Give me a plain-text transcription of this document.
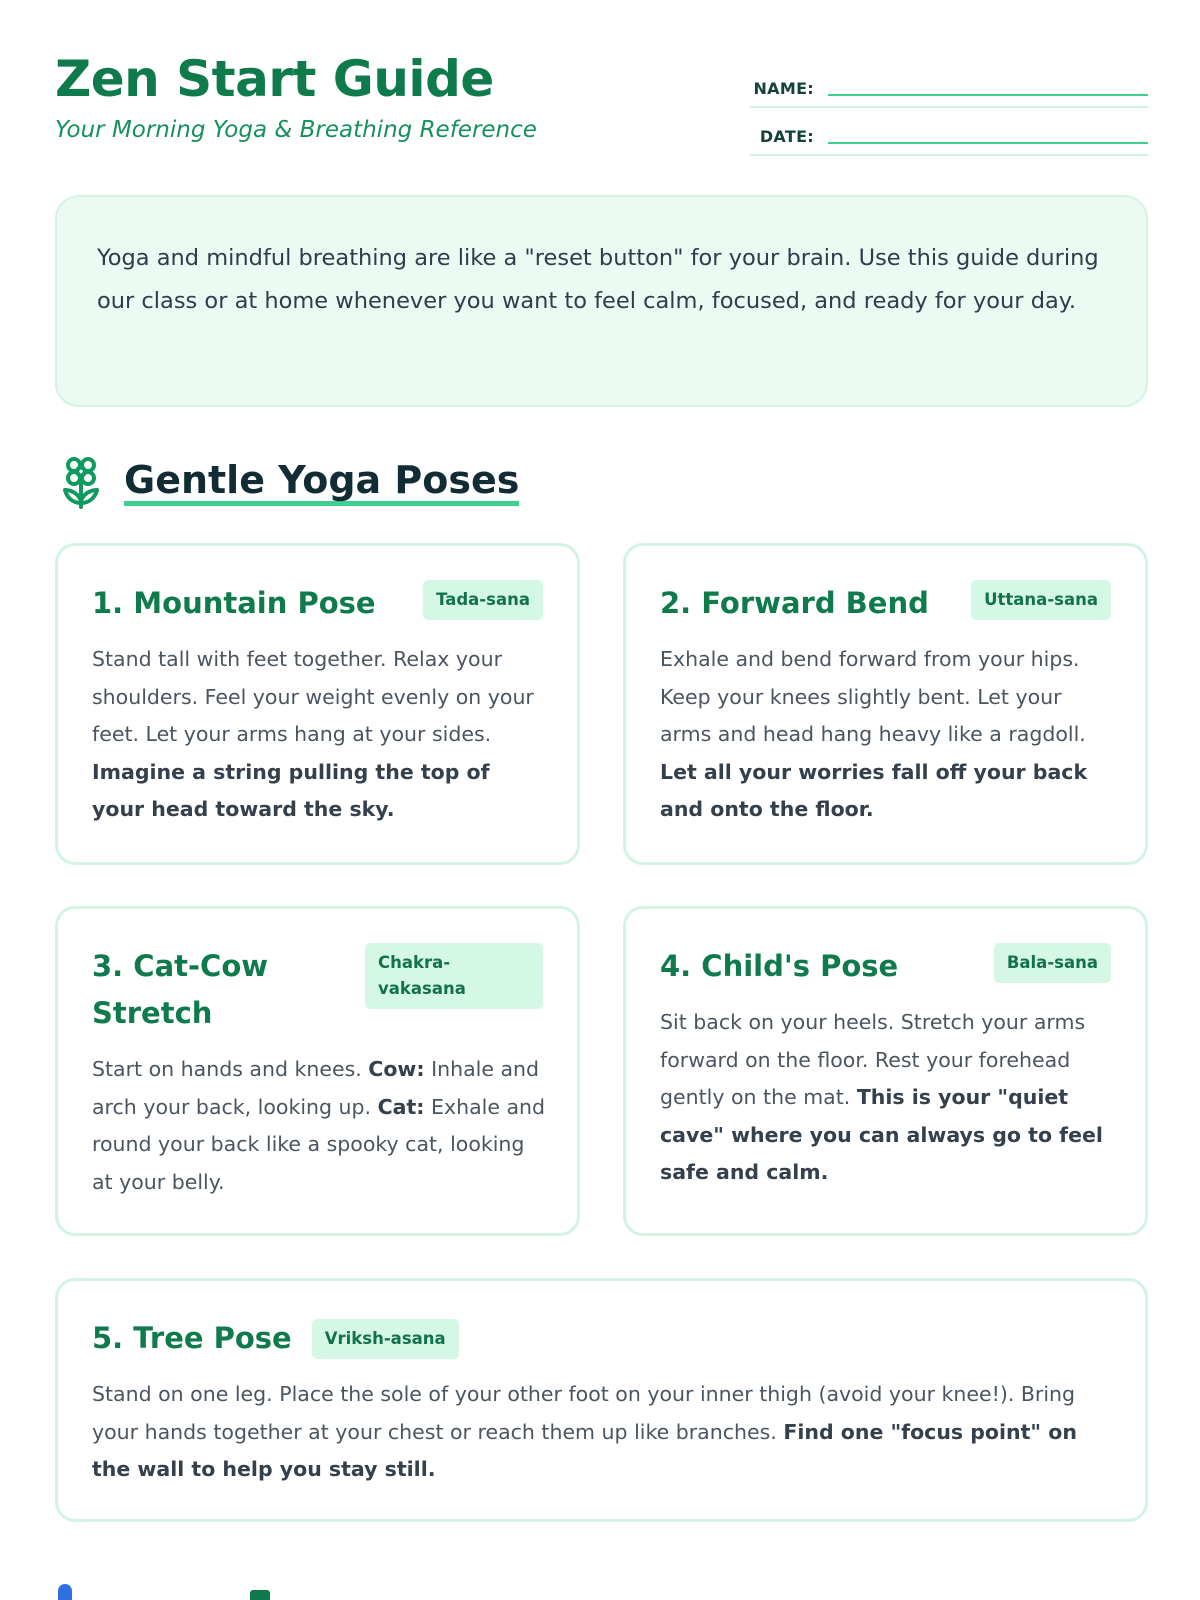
Zen Start Guide
Your Morning Yoga & Breathing Reference
NAME:
DATE:

Yoga and mindful breathing are like a "reset button" for your brain. Use this guide during our class or at home whenever you want to feel calm, focused, and ready for your day.

Gentle Yoga Poses
1. Mountain Pose	Tada-sana

Stand tall with feet together. Relax your shoulders. Feel your weight evenly on your feet. Let your arms hang at your sides. Imagine a string pulling the top of your head toward the sky.

2. Forward Bend	Uttana-sana

Exhale and bend forward from your hips. Keep your knees slightly bent. Let your arms and head hang heavy like a ragdoll. Let all your worries fall off your back and onto the floor.

3. Cat-Cow Stretch
Chakra-vakasana

Start on hands and knees. Cow: Inhale and arch your back, looking up. Cat: Exhale and round your back like a spooky cat, looking at your belly.

4. Child's Pose	Bala-sana

Sit back on your heels. Stretch your arms forward on the floor. Rest your forehead gently on the mat. This is your "quiet cave" where you can always go to feel safe and calm.

5. Tree Pose	Vriksh-asana

Stand on one leg. Place the sole of your other foot on your inner thigh (avoid your knee!). Bring your hands together at your chest or reach them up like branches. Find one "focus point" on the wall to help you stay still.
